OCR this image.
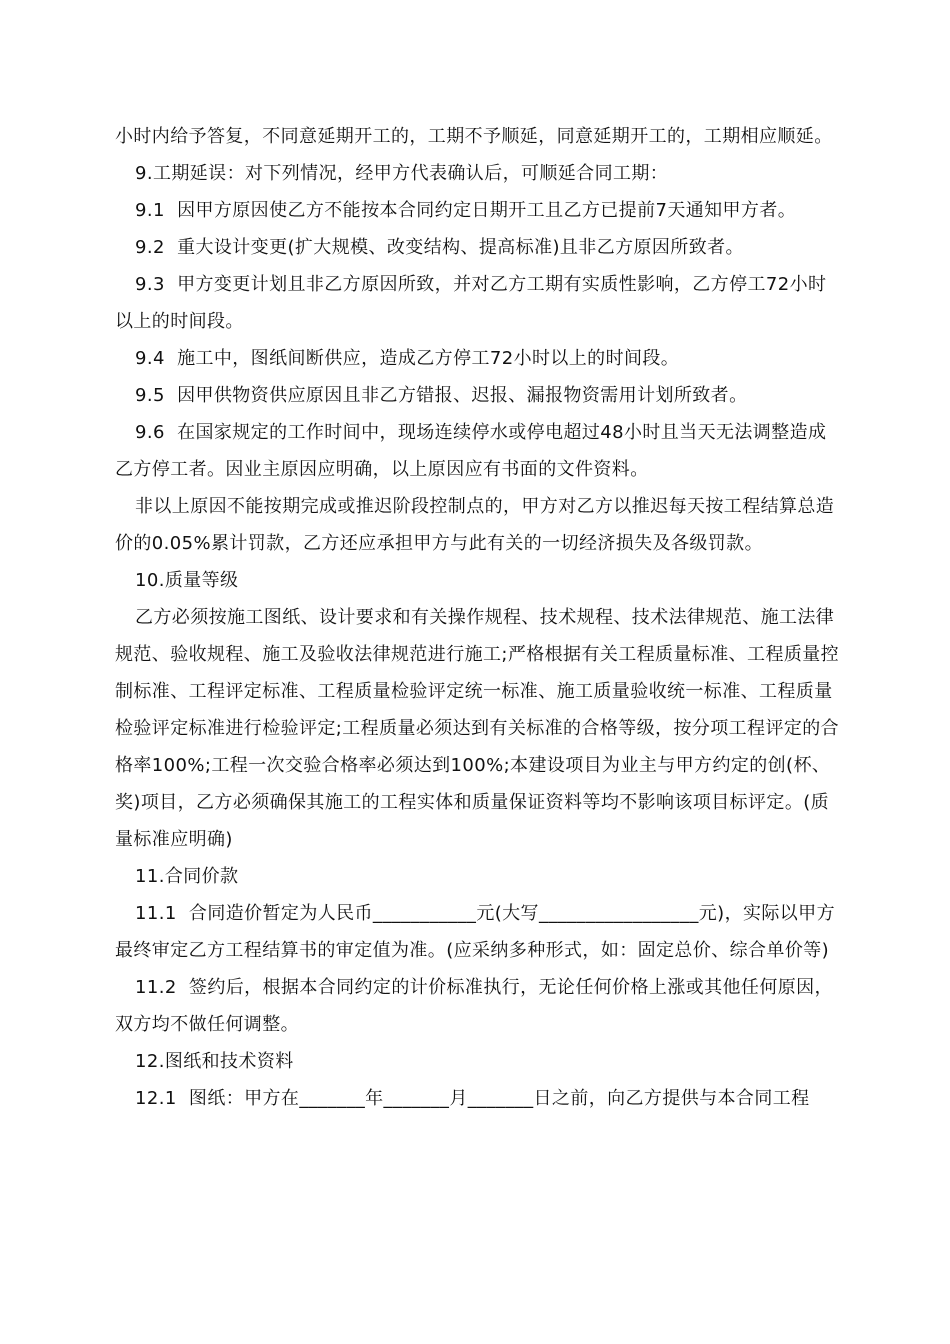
小时内给予答复，不同意延期开工的，工期不予顺延，同意延期开工的，工期相应顺延。

9.工期延误：对下列情况，经甲方代表确认后，可顺延合同工期：

9.1  因甲方原因使乙方不能按本合同约定日期开工且乙方已提前7天通知甲方者。

9.2  重大设计变更(扩大规模、改变结构、提高标准)且非乙方原因所致者。

9.3  甲方变更计划且非乙方原因所致，并对乙方工期有实质性影响，乙方停工72小时以上的时间段。

9.4  施工中，图纸间断供应，造成乙方停工72小时以上的时间段。

9.5  因甲供物资供应原因且非乙方错报、迟报、漏报物资需用计划所致者。

9.6  在国家规定的工作时间中，现场连续停水或停电超过48小时且当天无法调整造成乙方停工者。因业主原因应明确，以上原因应有书面的文件资料。

非以上原因不能按期完成或推迟阶段控制点的，甲方对乙方以推迟每天按工程结算总造价的0.05%累计罚款，乙方还应承担甲方与此有关的一切经济损失及各级罚款。

10.质量等级

乙方必须按施工图纸、设计要求和有关操作规程、技术规程、技术法律规范、施工法律规范、验收规程、施工及验收法律规范进行施工;严格根据有关工程质量标准、工程质量控制标准、工程评定标准、工程质量检验评定统一标准、施工质量验收统一标准、工程质量检验评定标准进行检验评定;工程质量必须达到有关标准的合格等级，按分项工程评定的合格率100%;工程一次交验合格率必须达到100%;本建设项目为业主与甲方约定的创(杯、奖)项目，乙方必须确保其施工的工程实体和质量保证资料等均不影响该项目标评定。(质量标准应明确)

11.合同价款

11.1  合同造价暂定为人民币___________元(大写_________________元)，实际以甲方最终审定乙方工程结算书的审定值为准。(应采纳多种形式，如：固定总价、综合单价等)

11.2  签约后，根据本合同约定的计价标准执行，无论任何价格上涨或其他任何原因，双方均不做任何调整。

12.图纸和技术资料

12.1  图纸：甲方在_______年_______月_______日之前，向乙方提供与本合同工程
